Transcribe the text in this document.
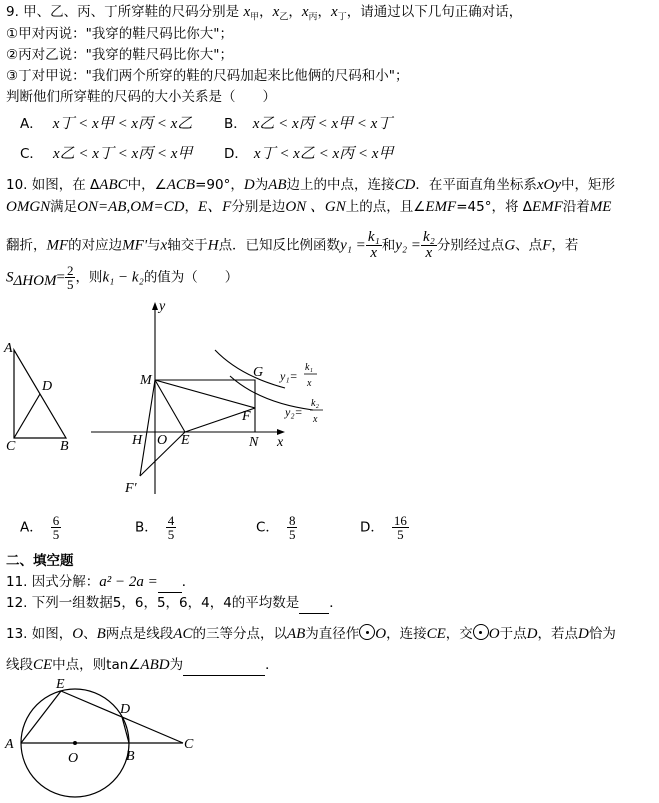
9. 甲、乙、丙、丁所穿鞋的尺码分别是 $x_甲$，$x_乙$，$x_丙$，$x_丁$，请通过以下几句正确对话，
①甲对丙说："我穿的鞋尺码比你大"；
②丙对乙说："我穿的鞋尺码比你大"；
③丁对甲说："我们两个所穿的鞋的尺码加起来比他俩的尺码和小"；
判断他们所穿鞋的尺码的大小关系是（　　）
A． x丁 < x甲 < x丙 < x乙 B． x乙 < x丙 < x甲 < x丁
C． x乙 < x丁 < x丙 < x甲 D． x丁 < x乙 < x丙 < x甲
10. 如图，在 ΔABC中，∠ACB=90°，D为AB边上的中点，连接CD．在平面直角坐标系xOy中，矩形
OMGN满足ON=AB,OM=CD，E、F分别是边ON 、GN上的点，且∠EMF=45°，将 ΔEMF沿着ME
翻折，MF的对应边MF'与x轴交于H点．已知反比例函数$y_1 = \frac{\text{k₁}}{x}$ 和$y_2 = \frac{\text{k₂}}{x}$ 分别经过点G、点F，若
$S_{\Delta HOM}= \frac{2}{5}$ ，则k₁ − k₂的值为（　　）
A
D
C	B
y
x
M
G
F
H O E	N
F′
y₁=
k₁
x
y₂=
k₂
x
A． $\frac{6}{5}$	B． $\frac{4}{5}$	C． $\frac{8}{5}$	D． $\frac{16}{5}$
二、填空题
11. 因式分解：a² − 2a = ．
12. 下列一组数据5，6，5，6，4，4的平均数是 ．
13. 如图，O、B两点是线段AC的三等分点，以AB为直径作 O，连接CE，交 O于点D，若点D恰为
线段CE中点，则tan∠ABD为	．
E
D
A
O	B
C
